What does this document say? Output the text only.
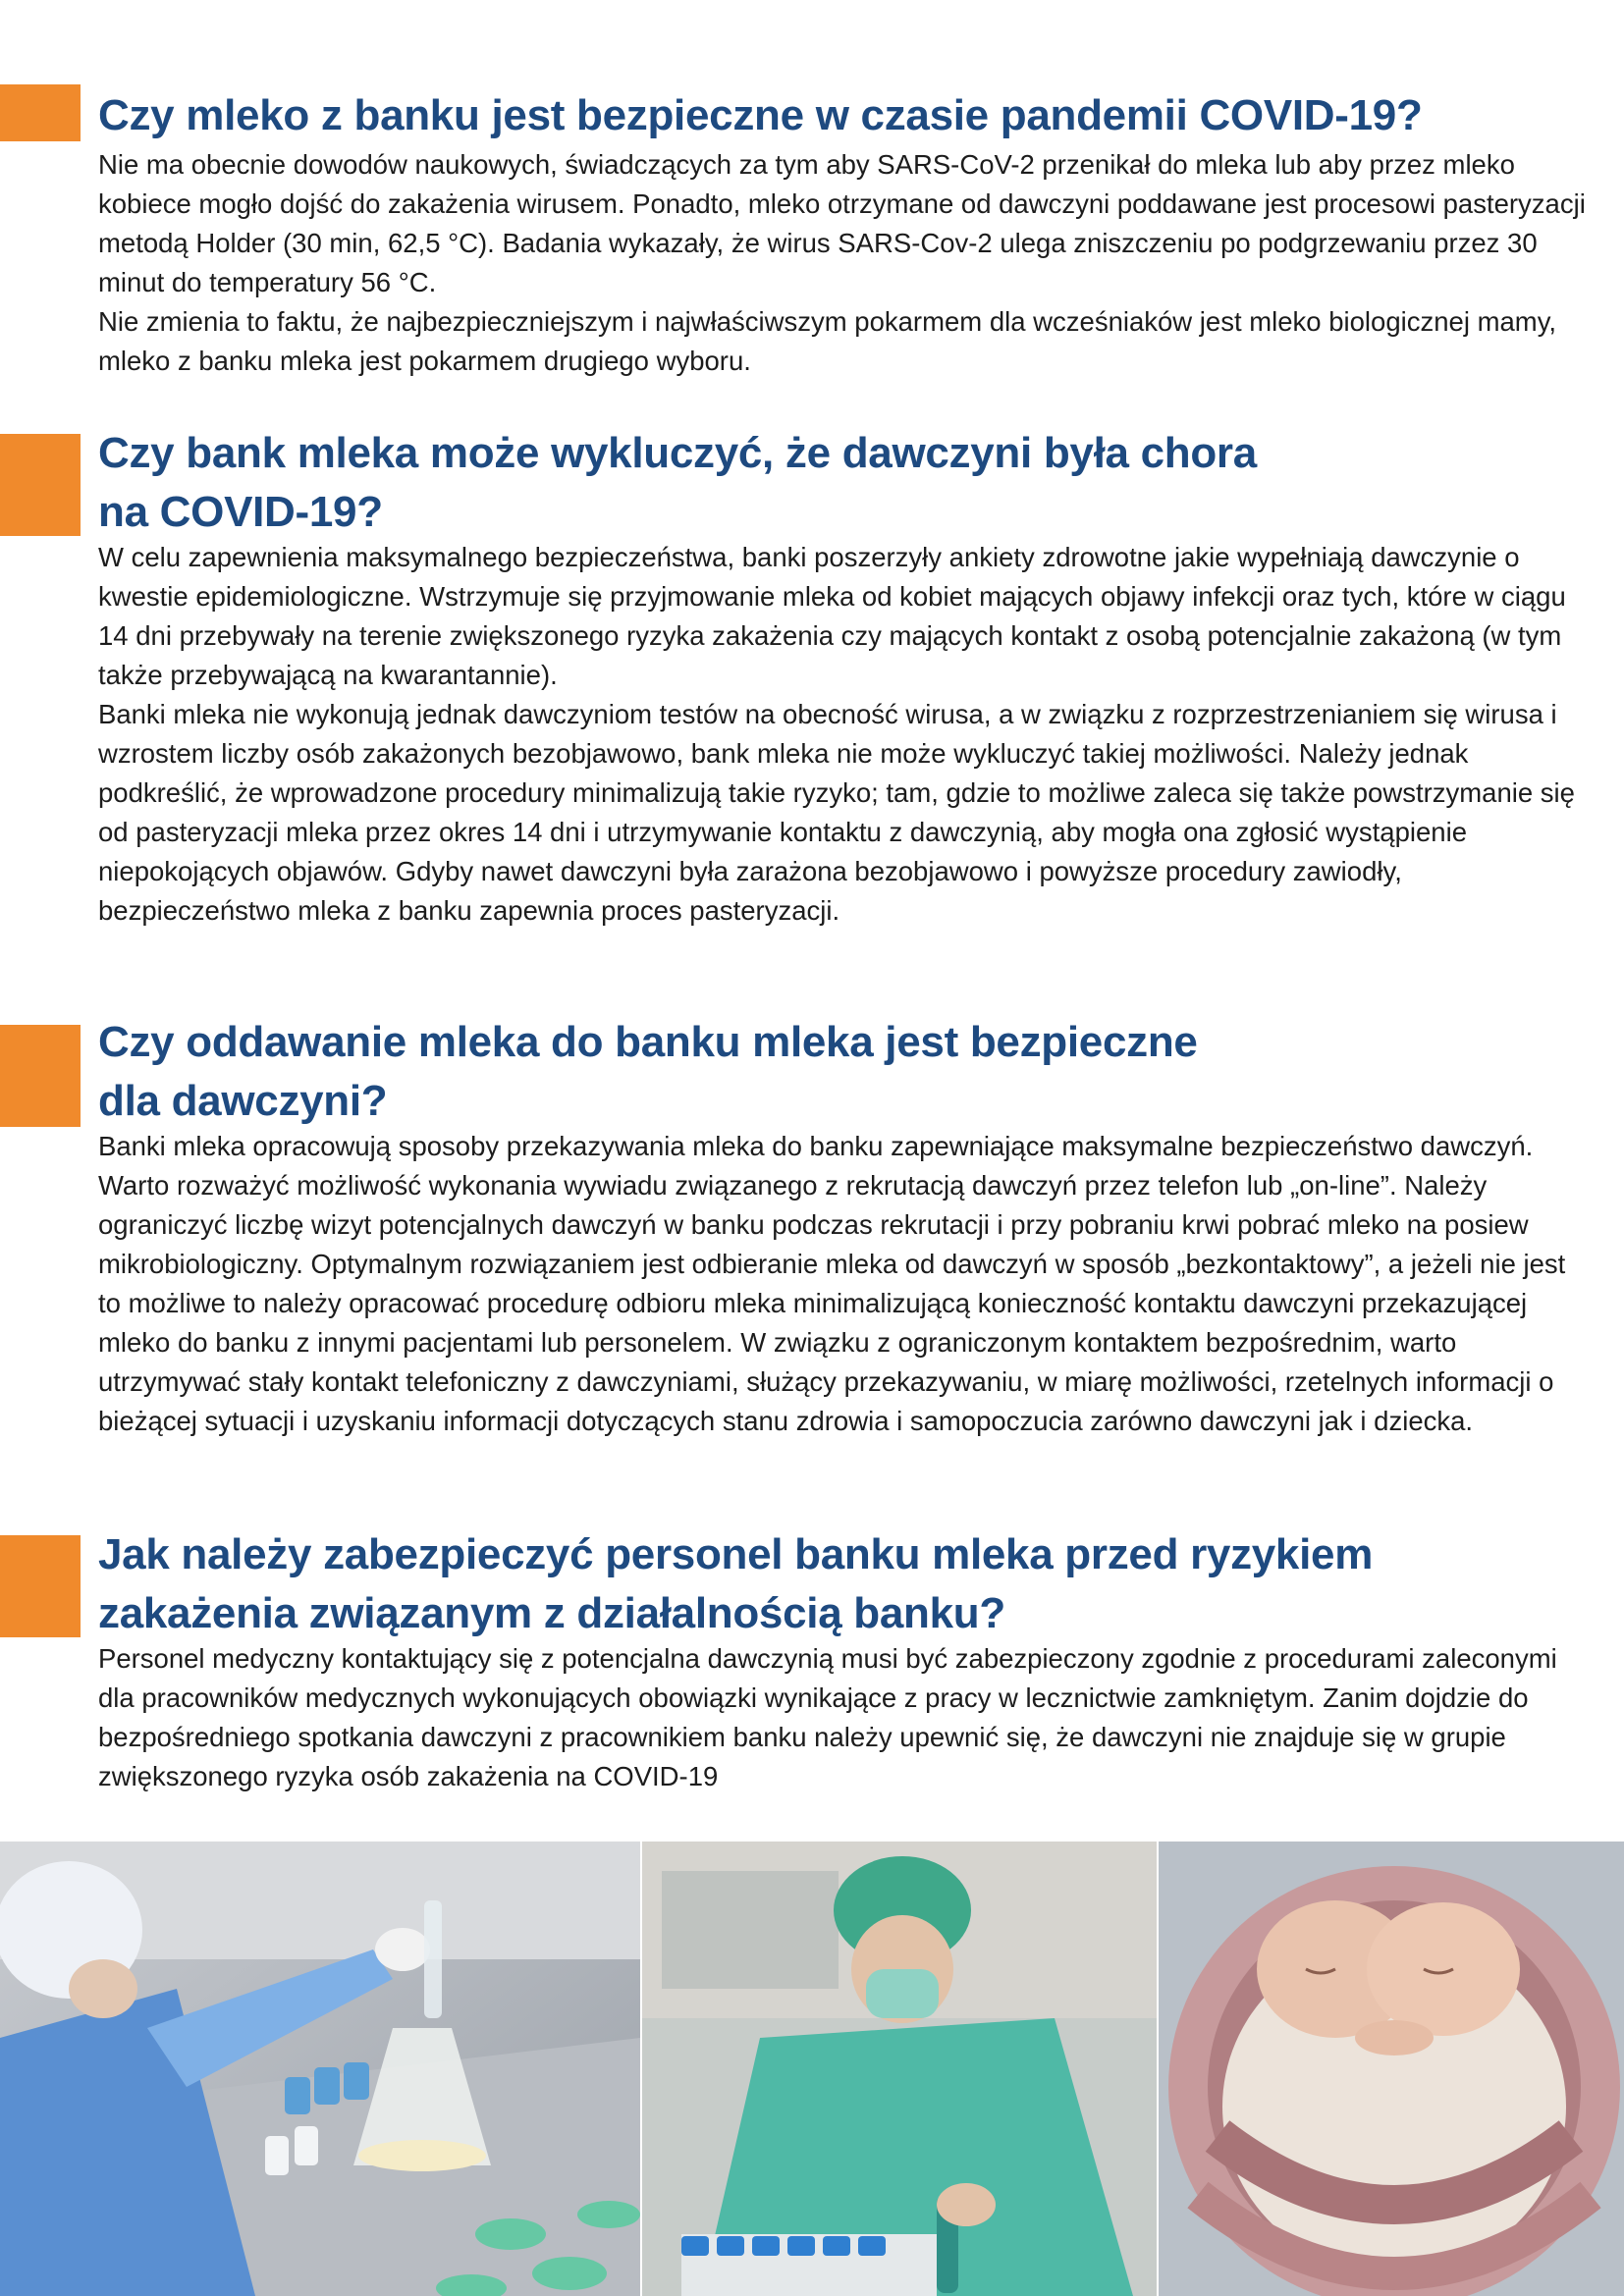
Czy mleko z banku jest bezpieczne w czasie pandemii COVID-19?

Nie ma obecnie dowodów naukowych, świadczących za tym aby SARS-CoV-2 przenikał do mleka lub aby przez mleko kobiece mogło dojść do zakażenia wirusem. Ponadto, mleko otrzymane od dawczyni poddawane jest procesowi pasteryzacji metodą Holder (30 min, 62,5 °C). Badania wykazały, że wirus SARS-Cov-2 ulega zniszczeniu po podgrzewaniu przez 30 minut do temperatury 56 °C.

Nie zmienia to faktu, że najbezpieczniejszym i najwłaściwszym pokarmem dla wcześniaków jest mleko biologicznej mamy, mleko z banku mleka jest pokarmem drugiego wyboru.

Czy bank mleka może wykluczyć, że dawczyni była chora
na COVID-19?

W celu zapewnienia maksymalnego bezpieczeństwa, banki poszerzyły ankiety zdrowotne jakie wypełniają dawczynie o kwestie epidemiologiczne. Wstrzymuje się przyjmowanie mleka od kobiet mających objawy infekcji oraz tych, które w ciągu 14 dni przebywały na terenie zwiększonego ryzyka zakażenia czy mających kontakt z osobą potencjalnie zakażoną (w tym także przebywającą na kwarantannie).

Banki mleka nie wykonują jednak dawczyniom testów na obecność wirusa, a w związku z rozprzestrzenianiem się wirusa i wzrostem liczby osób zakażonych bezobjawowo, bank mleka nie może wykluczyć takiej możliwości. Należy jednak podkreślić, że wprowadzone procedury minimalizują takie ryzyko; tam, gdzie to możliwe zaleca się także powstrzymanie się od pasteryzacji mleka przez okres 14 dni i utrzymywanie kontaktu z dawczynią, aby mogła ona zgłosić wystąpienie niepokojących objawów. Gdyby nawet dawczyni była zarażona bezobjawowo i powyższe procedury zawiodły, bezpieczeństwo mleka z banku zapewnia proces pasteryzacji.

Czy oddawanie mleka do banku mleka jest bezpieczne
dla dawczyni?

Banki mleka opracowują sposoby przekazywania mleka do banku zapewniające maksymalne bezpieczeństwo dawczyń. Warto rozważyć możliwość wykonania wywiadu związanego z rekrutacją dawczyń przez telefon lub „on-line”. Należy ograniczyć liczbę wizyt potencjalnych dawczyń w banku podczas rekrutacji i przy pobraniu krwi pobrać mleko na posiew mikrobiologiczny. Optymalnym rozwiązaniem jest odbieranie mleka od dawczyń w sposób „bezkontaktowy”, a jeżeli nie jest to możliwe to należy opracować procedurę odbioru mleka minimalizującą konieczność kontaktu dawczyni przekazującej mleko do banku z innymi pacjentami lub personelem. W związku z ograniczonym kontaktem bezpośrednim, warto utrzymywać stały kontakt telefoniczny z dawczyniami, służący przekazywaniu, w miarę możliwości, rzetelnych informacji o bieżącej sytuacji i uzyskaniu informacji dotyczących stanu zdrowia i samopoczucia zarówno dawczyni jak i dziecka.

Jak należy zabezpieczyć personel banku mleka przed ryzykiem
zakażenia związanym z działalnością banku?

Personel medyczny kontaktujący się z potencjalna dawczynią musi być zabezpieczony zgodnie z procedurami zaleconymi dla pracowników medycznych wykonujących obowiązki wynikające z pracy w lecznictwie zamkniętym. Zanim dojdzie do bezpośredniego spotkania dawczyni z pracownikiem banku należy upewnić się, że dawczyni nie znajduje się w grupie zwiększonego ryzyka osób zakażenia na COVID-19
